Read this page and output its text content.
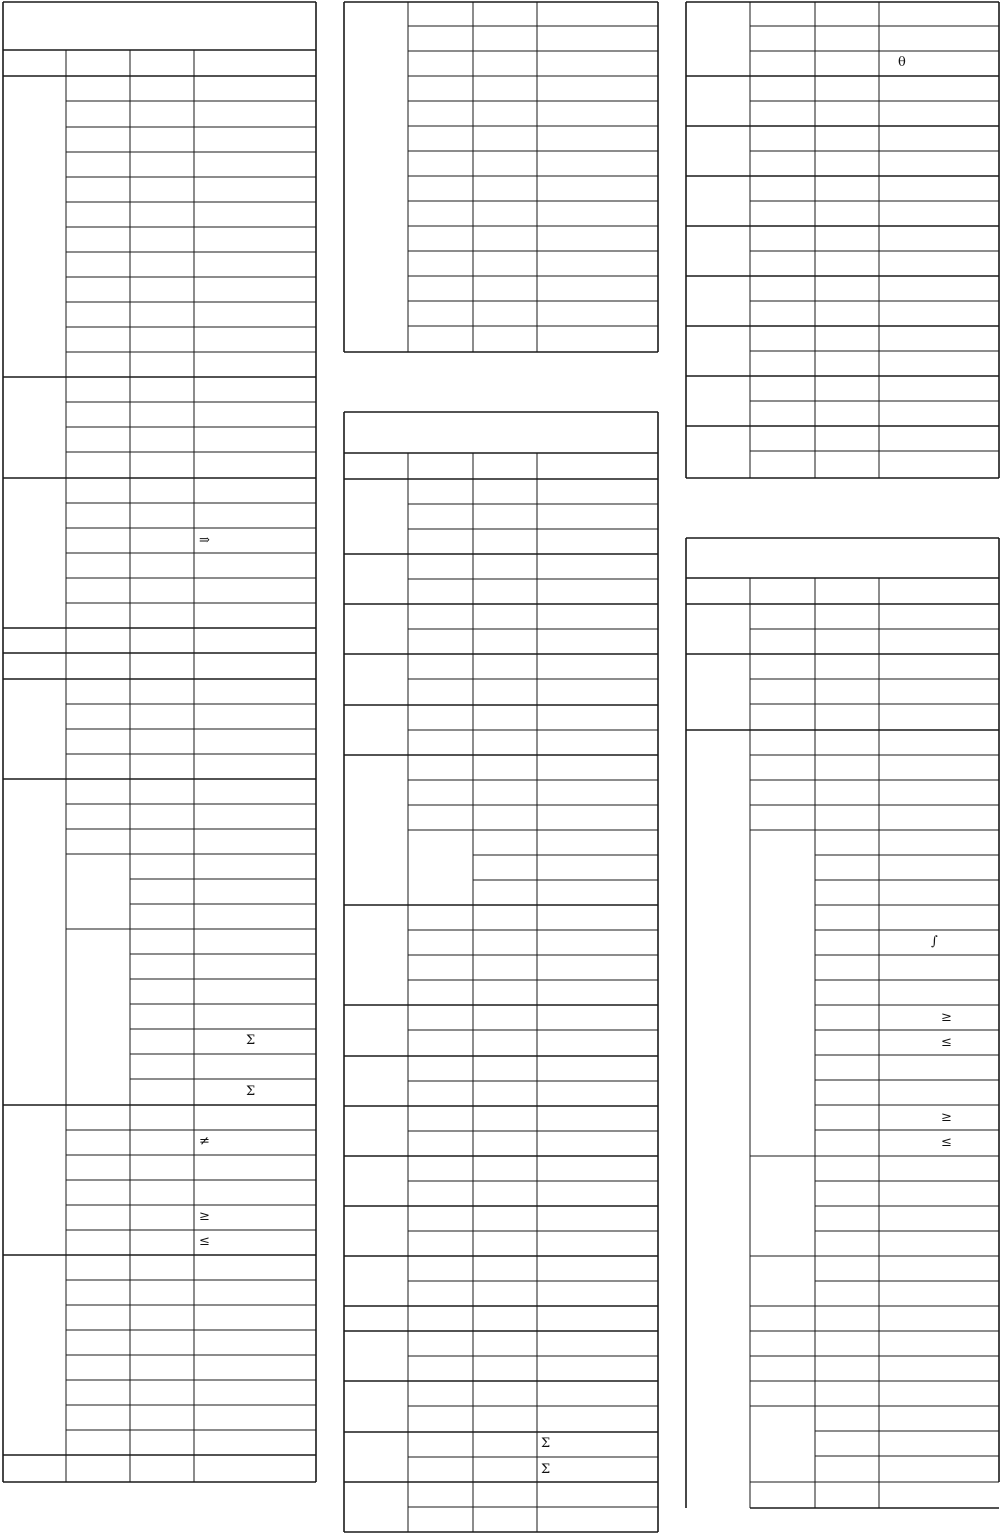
⇒
Σ
Σ
≠
≥
≤
Σ
Σ
θ
∫
≥
≤
≥
≤
